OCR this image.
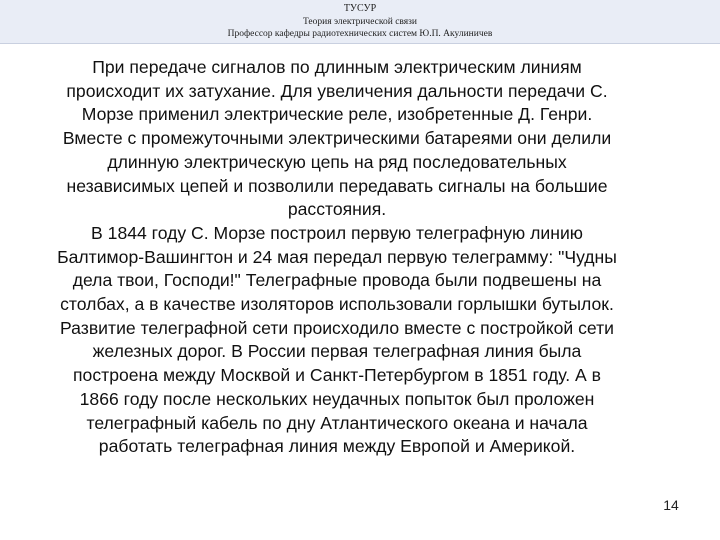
ТУСУР
Теория электрической связи
Профессор кафедры радиотехнических систем Ю.П. Акулиничев

При передаче сигналов по длинным электрическим линиям происходит их затухание. Для увеличения дальности передачи С. Морзе применил электрические реле, изобретенные Д. Генри. Вместе с промежуточными электрическими батареями они делили длинную электрическую цепь на ряд последовательных независимых цепей и позволили передавать сигналы на большие расстояния.

В 1844 году С. Морзе построил первую телеграфную линию Балтимор-Вашингтон и 24 мая передал первую телеграмму: "Чудны дела твои, Господи!" Телеграфные провода были подвешены на столбах, а в качестве изоляторов использовали горлышки бутылок. Развитие телеграфной сети происходило вместе с постройкой сети железных дорог. В России первая телеграфная линия была построена между Москвой и Санкт-Петербургом в 1851 году. А в 1866 году после нескольких неудачных попыток был проложен телеграфный кабель по дну Атлантического океана и начала работать телеграфная линия между Европой и Америкой.

14
